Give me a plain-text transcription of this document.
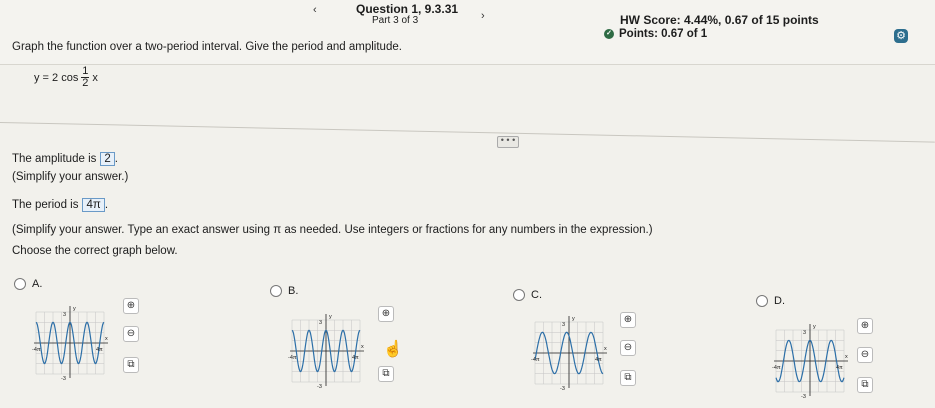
‹	Question 1, 9.3.31
Part 3 of 3	›	HW Score: 4.44%, 0.67 of 15 points
✓ Points: 0.67 of 1	⚙
Graph the function over a two-period interval. Give the period and amplitude.
y = 2 $\cos \frac{1}{2}$ x
• • •
The amplitude is 2 .
(Simplify your answer.)
The period is 4π .
(Simplify your answer. Type an exact answer using π as needed. Use integers or fractions for any numbers in the expression.)
Choose the correct graph below.
A.
y
x
3
-3
-4π	4π
⊕
⊖
⧉
B.
y
x
3
-3
-4π	4π
⊕
⧉
☝
C.
y
x
3
-3
-4π	4π
⊕
⊖
⧉
D.
y
x
3
-3
-4π	4π
⊕
⊖
⧉
